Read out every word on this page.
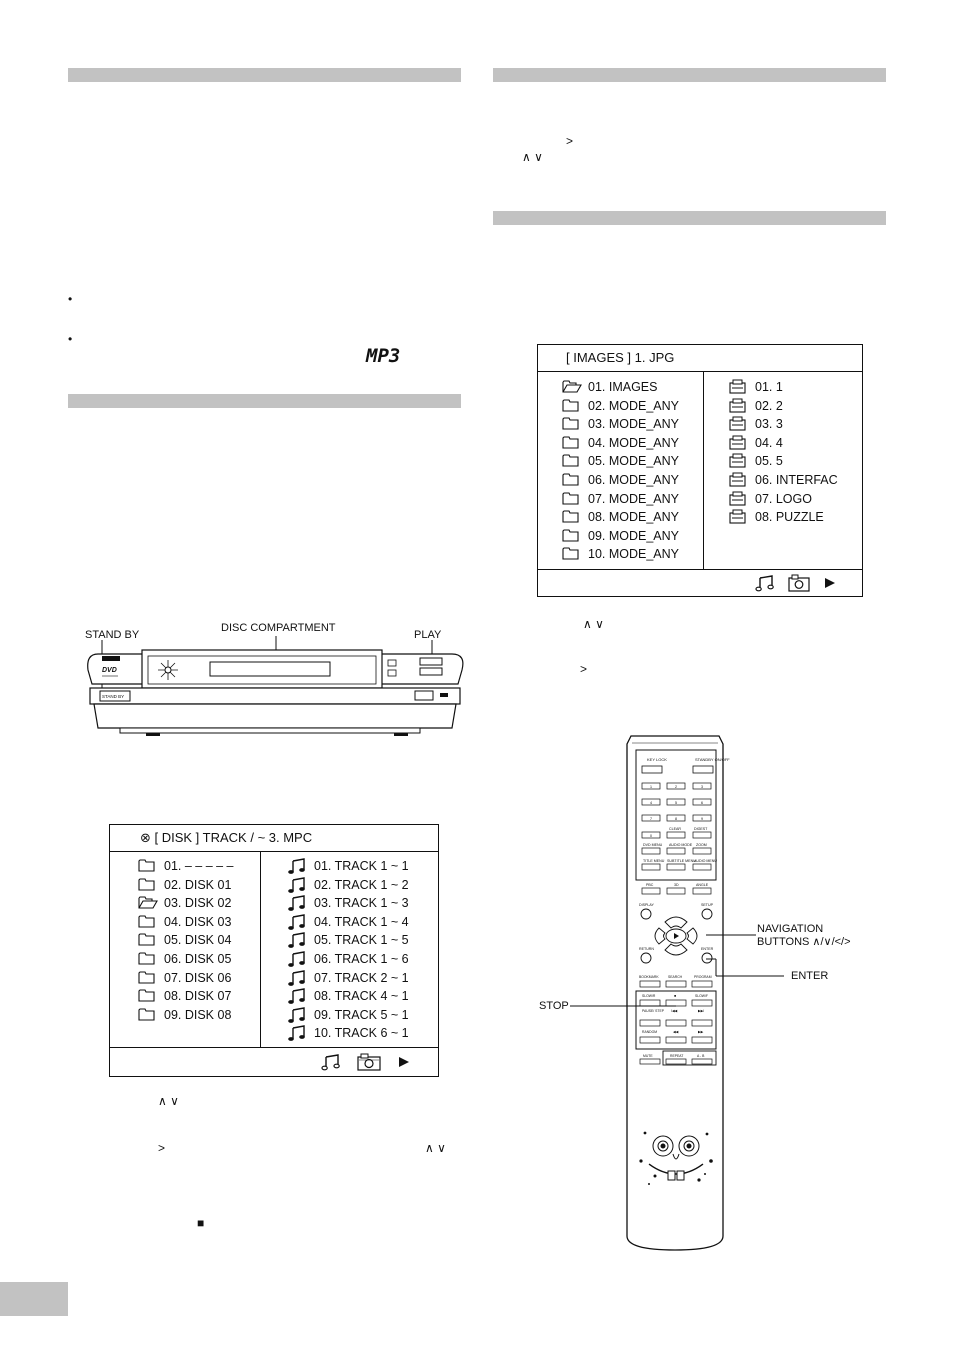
•
•
MP3
>
∧ ∨
STAND BY
DISC COMPARTMENT
PLAY
DVD
STAND BY
⊗ [ DISK ] TRACK / ~ 3. MPC
01. – – – – –
02. DISK 01
03. DISK 02
04. DISK 03
05. DISK 04
06. DISK 05
07. DISK 06
08. DISK 07
09. DISK 08
01. TRACK 1 ~ 1
02. TRACK 1 ~ 2
03. TRACK 1 ~ 3
04. TRACK 1 ~ 4
05. TRACK 1 ~ 5
06. TRACK 1 ~ 6
07. TRACK 2 ~ 1
08. TRACK 4 ~ 1
09. TRACK 5 ~ 1
10. TRACK 6 ~ 1
∧ ∨
>	∧ ∨
■
[ IMAGES ] 1. JPG
01. IMAGES
02. MODE_ANY
03. MODE_ANY
04. MODE_ANY
05. MODE_ANY
06. MODE_ANY
07. MODE_ANY
08. MODE_ANY
09. MODE_ANY
10. MODE_ANY
01. 1
02. 2
03. 3
04. 4
05. 5
06. INTERFAC
07. LOGO
08. PUZZLE
∧ ∨
>
KEY LOCK	STANDBY ON/OFF
1	2	3
4	5	6
7	8	9
0
CLEAR	DIGEST
DVD MENU AUDIO MODE ZOOM
TITLE MENU SUBTITLE MENU
AUDIO MENU
PBC	3D	ANGLE
DISPLAY	SETUP
RETURN	ENTER
BOOKMARK	SEARCH	PROGRAM
SLOW/R	■	SLOW/F
PAUSE/ STEP I◀◀	▶▶I
RANDOM	◀◀	▶▶
MUTE	REPEAT	A - B
NAVIGATION
BUTTONS ∧/∨/</>
ENTER
STOP
